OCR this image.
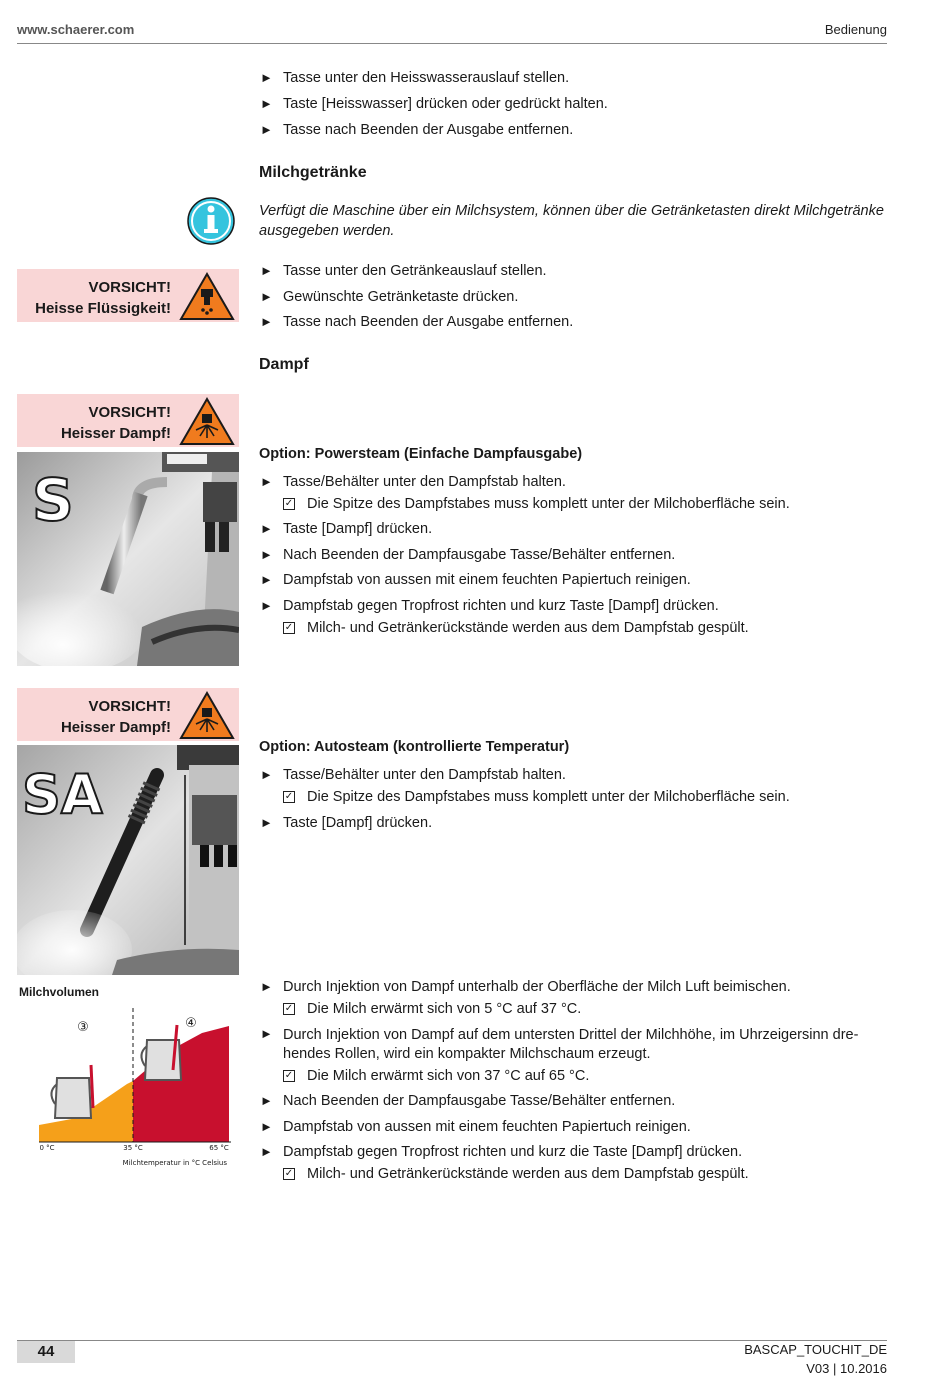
www.schaerer.com	Bedienung
► Tasse unter den Heisswasserauslauf stellen.
► Taste [Heisswasser] drücken oder gedrückt halten.
► Tasse nach Beenden der Ausgabe entfernen.
Milchgetränke
Verfügt die Maschine über ein Milchsystem, können über die Getränketasten direkt Milchgetränke ausgegeben werden.
VORSICHT!
Heisse Flüssigkeit!
► Tasse unter den Getränkeauslauf stellen.
► Gewünschte Getränketaste drücken.
► Tasse nach Beenden der Ausgabe entfernen.
Dampf
VORSICHT!
Heisser Dampf!
S
Option: Powersteam (Einfache Dampfausgabe)
► Tasse/Behälter unter den Dampfstab halten.
✓ Die Spitze des Dampfstabes muss komplett unter der Milchoberfläche sein.
► Taste [Dampf] drücken.
► Nach Beenden der Dampfausgabe Tasse/Behälter entfernen.
► Dampfstab von aussen mit einem feuchten Papiertuch reinigen.
► Dampfstab gegen Tropfrost richten und kurz Taste [Dampf] drücken.
✓ Milch- und Getränkerückstände werden aus dem Dampfstab gespült.
VORSICHT!
Heisser Dampf!
SA
Option: Autosteam (kontrollierte Temperatur)
► Tasse/Behälter unter den Dampfstab halten.
✓ Die Spitze des Dampfstabes muss komplett unter der Milchoberfläche sein.
► Taste [Dampf] drücken.
Milchvolumen
③	④
0 °C	35 °C	65 °C
Milchtemperatur in °C Celsius
► Durch Injektion von Dampf unterhalb der Oberfläche der Milch Luft beimischen.
✓ Die Milch erwärmt sich von 5 °C auf 37 °C.
► Durch Injektion von Dampf auf dem untersten Drittel der Milchhöhe, im Uhrzeigersinn drehendes Rollen, wird ein kompakter Milchschaum erzeugt.
✓ Die Milch erwärmt sich von 37 °C auf 65 °C.
► Nach Beenden der Dampfausgabe Tasse/Behälter entfernen.
► Dampfstab von aussen mit einem feuchten Papiertuch reinigen.
► Dampfstab gegen Tropfrost richten und kurz die Taste [Dampf] drücken.
✓ Milch- und Getränkerückstände werden aus dem Dampfstab gespült.
44	BASCAP_TOUCHIT_DE
V03 | 10.2016
